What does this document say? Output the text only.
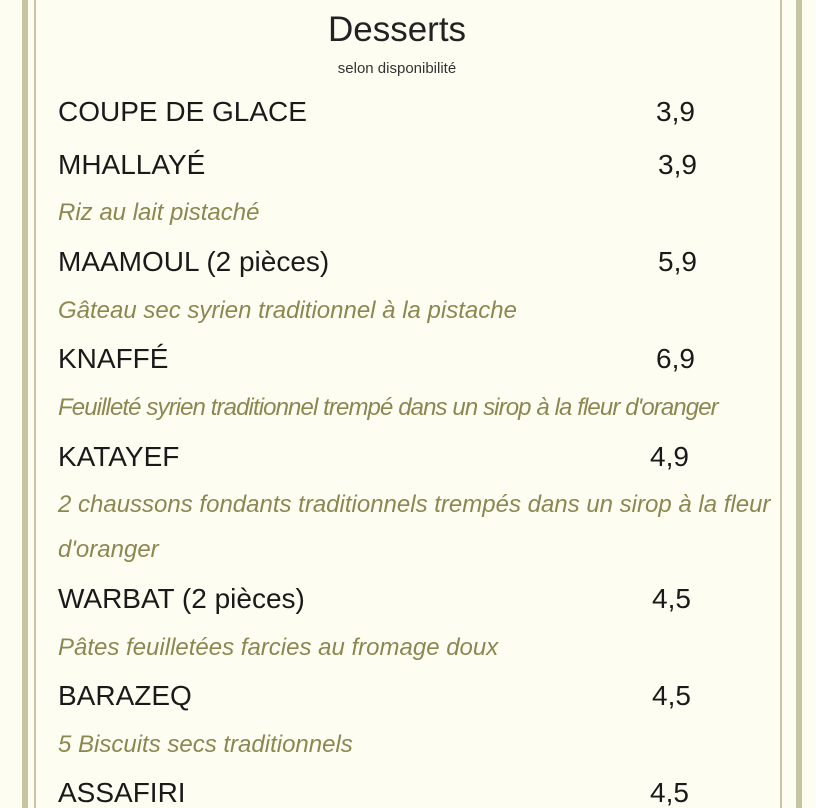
Desserts

selon disponibilité

COUPE DE GLACE	3,9
MHALLAYÉ	3,9
Riz au lait pistaché
MAAMOUL (2 pièces)	5,9
Gâteau sec syrien traditionnel à la pistache
KNAFFÉ	6,9
Feuilleté syrien traditionnel trempé dans un sirop à la fleur d'oranger
KATAYEF	4,9
2 chaussons fondants traditionnels trempés dans un sirop à la fleur d'oranger
WARBAT (2 pièces)	4,5
Pâtes feuilletées farcies au fromage doux
BARAZEQ	4,5
5 Biscuits secs traditionnels
ASSAFIRI	4,5
